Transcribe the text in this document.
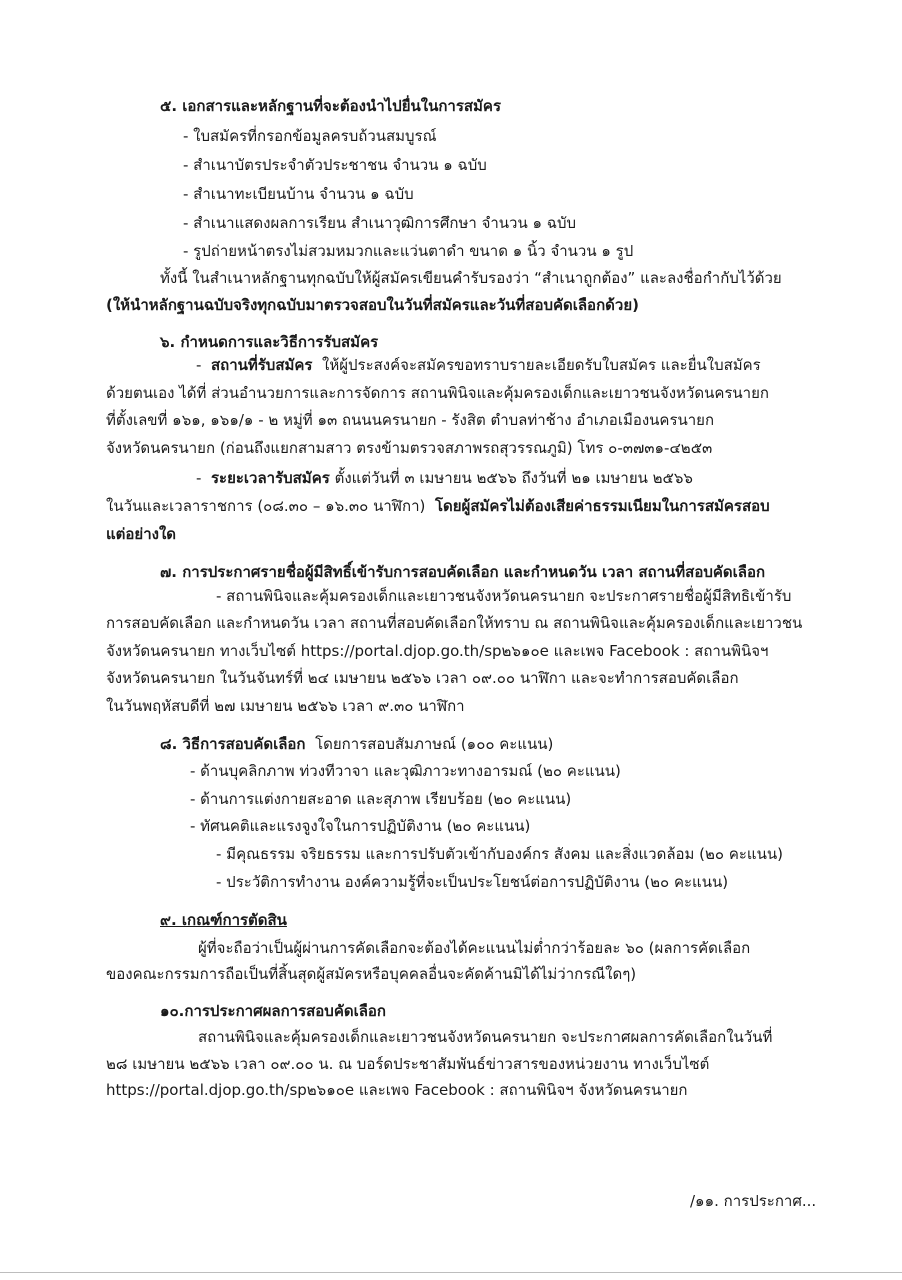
๕. เอกสารและหลักฐานที่จะต้องนำไปยื่นในการสมัคร
- ใบสมัครที่กรอกข้อมูลครบถ้วนสมบูรณ์
- สำเนาบัตรประจำตัวประชาชน จำนวน ๑ ฉบับ
- สำเนาทะเบียนบ้าน จำนวน ๑ ฉบับ
- สำเนาแสดงผลการเรียน สำเนาวุฒิการศึกษา จำนวน ๑ ฉบับ
- รูปถ่ายหน้าตรงไม่สวมหมวกและแว่นตาดำ ขนาด ๑ นิ้ว จำนวน ๑ รูป
ทั้งนี้ ในสำเนาหลักฐานทุกฉบับให้ผู้สมัครเขียนคำรับรองว่า “สำเนาถูกต้อง” และลงชื่อกำกับไว้ด้วย
(ให้นำหลักฐานฉบับจริงทุกฉบับมาตรวจสอบในวันที่สมัครและวันที่สอบคัดเลือกด้วย)
๖. กำหนดการและวิธีการรับสมัคร
-  สถานที่รับสมัคร ให้ผู้ประสงค์จะสมัครขอทราบรายละเอียดรับใบสมัคร และยื่นใบสมัคร
ด้วยตนเอง ได้ที่ ส่วนอำนวยการและการจัดการ สถานพินิจและคุ้มครองเด็กและเยาวชนจังหวัดนครนายก
ที่ตั้งเลขที่ ๑๖๑, ๑๖๑/๑ - ๒ หมู่ที่ ๑๓ ถนนนครนายก - รังสิต ตำบลท่าช้าง อำเภอเมืองนครนายก
จังหวัดนครนายก (ก่อนถึงแยกสามสาว ตรงข้ามตรวจสภาพรถสุวรรณภูมิ) โทร ๐-๓๗๓๑-๔๒๕๓
-  ระยะเวลารับสมัคร ตั้งแต่วันที่ ๓ เมษายน ๒๕๖๖ ถึงวันที่ ๒๑ เมษายน ๒๕๖๖
ในวันและเวลาราชการ (๐๘.๓๐ – ๑๖.๓๐ นาฬิกา) โดยผู้สมัครไม่ต้องเสียค่าธรรมเนียมในการสมัครสอบ
แต่อย่างใด
๗. การประกาศรายชื่อผู้มีสิทธิ์เข้ารับการสอบคัดเลือก และกำหนดวัน เวลา สถานที่สอบคัดเลือก
- สถานพินิจและคุ้มครองเด็กและเยาวชนจังหวัดนครนายก จะประกาศรายชื่อผู้มีสิทธิเข้ารับ
การสอบคัดเลือก และกำหนดวัน เวลา สถานที่สอบคัดเลือกให้ทราบ ณ สถานพินิจและคุ้มครองเด็กและเยาวชน
จังหวัดนครนายก ทางเว็บไซต์ https://portal.djop.go.th/sp๒๖๑๐e และเพจ Facebook : สถานพินิจฯ
จังหวัดนครนายก ในวันจันทร์ที่ ๒๔ เมษายน ๒๕๖๖ เวลา ๐๙.๐๐ นาฬิกา และจะทำการสอบคัดเลือก
ในวันพฤหัสบดีที่ ๒๗ เมษายน ๒๕๖๖ เวลา ๙.๓๐ นาฬิกา
๘. วิธีการสอบคัดเลือก โดยการสอบสัมภาษณ์ (๑๐๐ คะแนน)
- ด้านบุคลิกภาพ ท่วงทีวาจา และวุฒิภาวะทางอารมณ์ (๒๐ คะแนน)
- ด้านการแต่งกายสะอาด และสุภาพ เรียบร้อย (๒๐ คะแนน)
- ทัศนคติและแรงจูงใจในการปฏิบัติงาน (๒๐ คะแนน)
- มีคุณธรรม จริยธรรม และการปรับตัวเข้ากับองค์กร สังคม และสิ่งแวดล้อม (๒๐ คะแนน)
- ประวัติการทำงาน องค์ความรู้ที่จะเป็นประโยชน์ต่อการปฏิบัติงาน (๒๐ คะแนน)
๙. เกณฑ์การตัดสิน
ผู้ที่จะถือว่าเป็นผู้ผ่านการคัดเลือกจะต้องได้คะแนนไม่ต่ำกว่าร้อยละ ๖๐ (ผลการคัดเลือก
ของคณะกรรมการถือเป็นที่สิ้นสุดผู้สมัครหรือบุคคลอื่นจะคัดค้านมิได้ไม่ว่ากรณีใดๆ)
๑๐.การประกาศผลการสอบคัดเลือก
สถานพินิจและคุ้มครองเด็กและเยาวชนจังหวัดนครนายก จะประกาศผลการคัดเลือกในวันที่
๒๘ เมษายน ๒๕๖๖ เวลา ๐๙.๐๐ น. ณ บอร์ดประชาสัมพันธ์ข่าวสารของหน่วยงาน ทางเว็บไซต์
https://portal.djop.go.th/sp๒๖๑๐e และเพจ Facebook : สถานพินิจฯ จังหวัดนครนายก
/๑๑. การประกาศ...
